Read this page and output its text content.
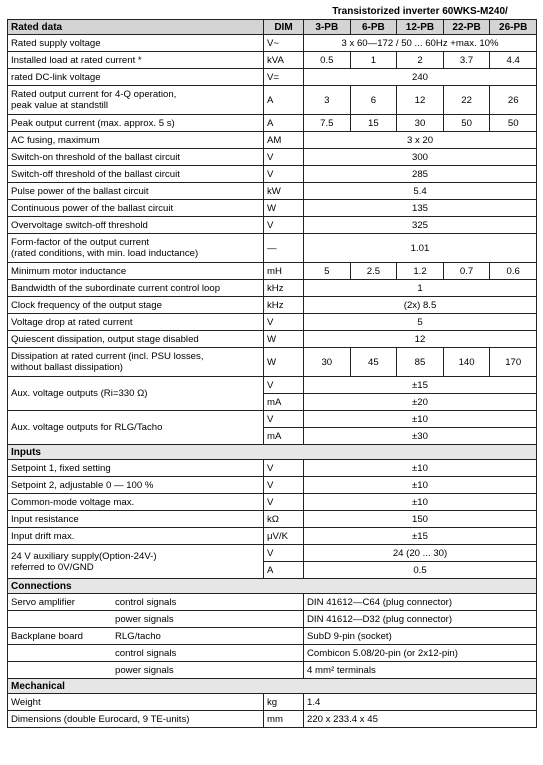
		Transistorized inverter 60WKS-M240/				
Rated data	DIM	3-PB	6-PB	12-PB	22-PB	26-PB
Rated supply voltage	V~	3 x 60—172 / 50 ... 60Hz +max. 10%				
Installed load at rated current *	kVA	0.5	1	2	3.7	4.4
rated DC-link voltage	V=	240				
Rated output current for 4-Q operation,
peak value at standstill	A	3	6	12	22	26
Peak output current (max. approx. 5 s)	A	7.5	15	30	50	50
AC fusing, maximum	AM	3 x 20				
Switch-on threshold of the ballast circuit	V	300				
Switch-off threshold of the ballast circuit	V	285				
Pulse power of the ballast circuit	kW	5.4				
Continuous power of the ballast circuit	W	135				
Overvoltage switch-off threshold	V	325				
Form-factor of the output current
(rated conditions, with min. load inductance)	—	1.01				
Minimum motor inductance	mH	5	2.5	1.2	0.7	0.6
Bandwidth of the subordinate current control loop	kHz	1				
Clock frequency of the output stage	kHz	(2x) 8.5				
Voltage drop at rated current	V	5				
Quiescent dissipation, output stage disabled	W	12				
Dissipation at rated current (incl. PSU losses,
without ballast dissipation)	W	30	45	85	140	170
Aux. voltage outputs (Ri=330 Ω)	V	±15				
	mA	±20				
Aux. voltage outputs for RLG/Tacho	V	±10				
	mA	±30				
Inputs						
Setpoint 1, fixed setting	V	±10				
Setpoint 2, adjustable 0 — 100 %	V	±10				
Common-mode voltage max.	V	±10				
Input resistance	kΩ	150				
Input drift max.	μV/K	±15				
24 V auxiliary supply(Option-24V-)
referred to 0V/GND	V	24 (20 ... 30)				
	A	0.5				
Connections						
Servo amplifier control signals		DIN 41612—C64 (plug connector)				
power signals		DIN 41612—D32 (plug connector)				
Backplane board RLG/tacho		SubD 9-pin (socket)				
control signals		Combicon 5.08/20-pin (or 2x12-pin)				
power signals		4 mm² terminals				
Mechanical						
Weight	kg	1.4				
Dimensions (double Eurocard, 9 TE-units)	mm	220 x 233.4 x 45				
